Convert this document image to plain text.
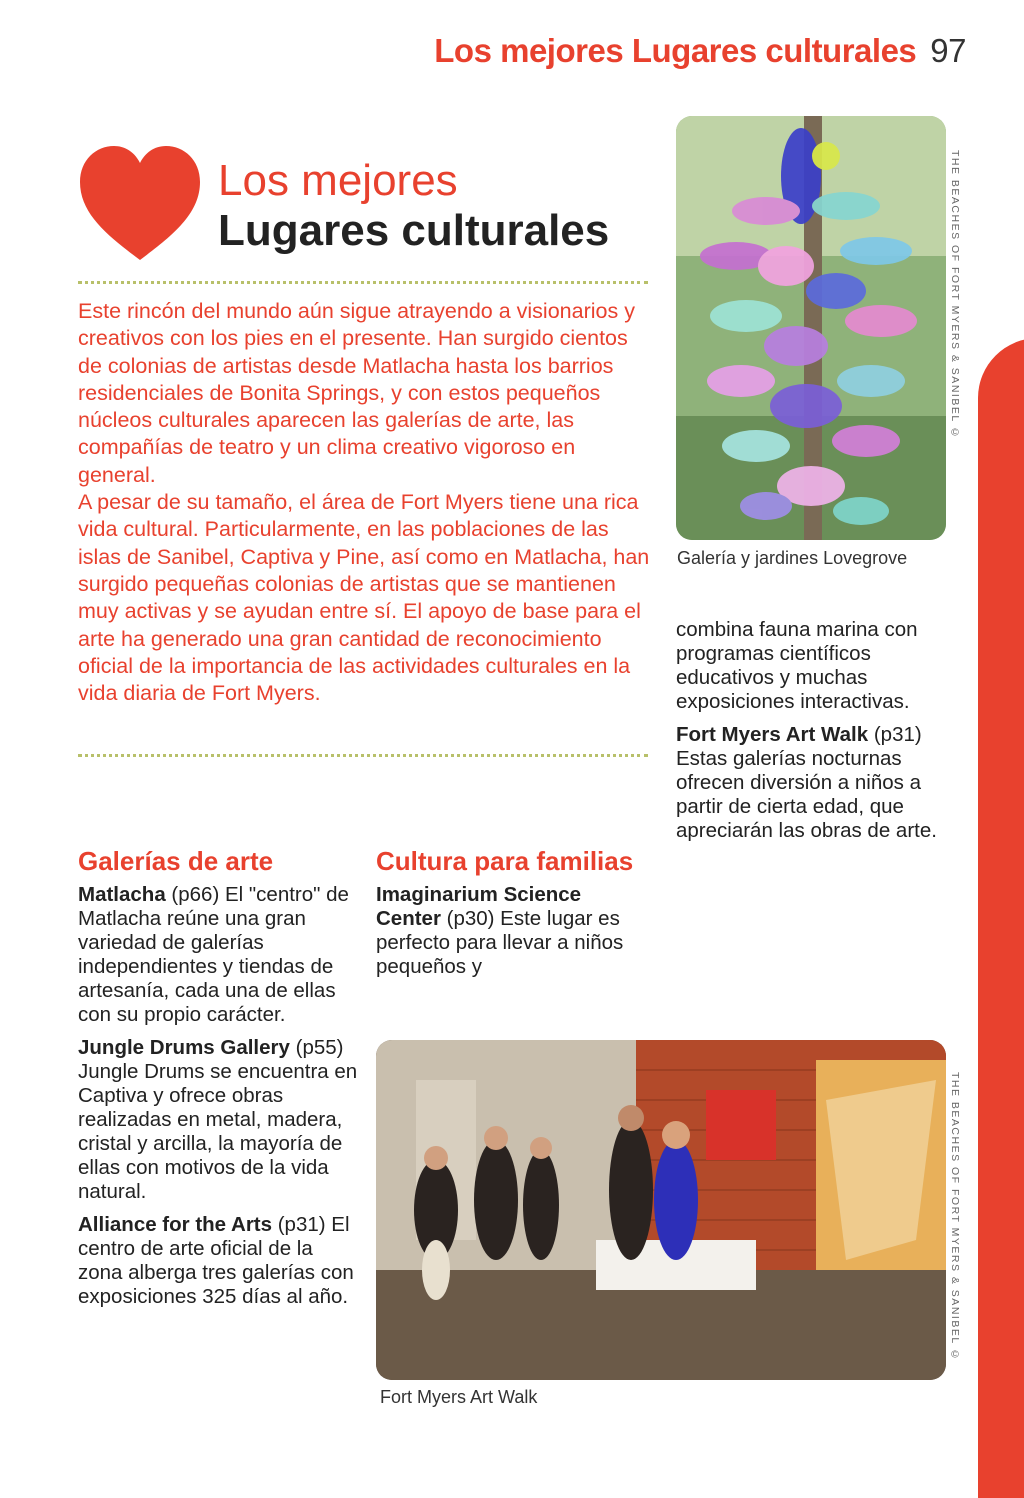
Los mejores Lugares culturales 97
Los mejores
Lugares culturales

Este rincón del mundo aún sigue atrayendo a visionarios y creativos con los pies en el presente. Han surgido cientos de colonias de artistas desde Matlacha hasta los barrios residenciales de Bonita Springs, y con estos pequeños núcleos culturales aparecen las galerías de arte, las compañías de teatro y un clima creativo vigoroso en general.

A pesar de su tamaño, el área de Fort Myers tiene una rica vida cultural. Particularmente, en las poblaciones de las islas de Sanibel, Captiva y Pine, así como en Matlacha, han surgido pequeñas colonias de artistas que se mantienen muy activas y se ayudan entre sí. El apoyo de base para el arte ha generado una gran cantidad de reconocimiento oficial de la importancia de las actividades culturales en la vida diaria de Fort Myers.

Galería y jardines Lovegrove
THE BEACHES OF FORT MYERS & SANIBEL ©

combina fauna marina con programas científicos educativos y muchas exposiciones interactivas.

Fort Myers Art Walk (p31) Estas galerías nocturnas ofrecen diversión a niños a partir de cierta edad, que apreciarán las obras de arte.

Galerías de arte

Matlacha (p66) El "centro" de Matlacha reúne una gran variedad de galerías independientes y tiendas de artesanía, cada una de ellas con su propio carácter.

Jungle Drums Gallery (p55) Jungle Drums se encuentra en Captiva y ofrece obras realizadas en metal, madera, cristal y arcilla, la mayoría de ellas con motivos de la vida natural.

Alliance for the Arts (p31) El centro de arte oficial de la zona alberga tres galerías con exposiciones 325 días al año.

Cultura para familias

Imaginarium Science Center (p30) Este lugar es perfecto para llevar a niños pequeños y

Fort Myers Art Walk
THE BEACHES OF FORT MYERS & SANIBEL ©
